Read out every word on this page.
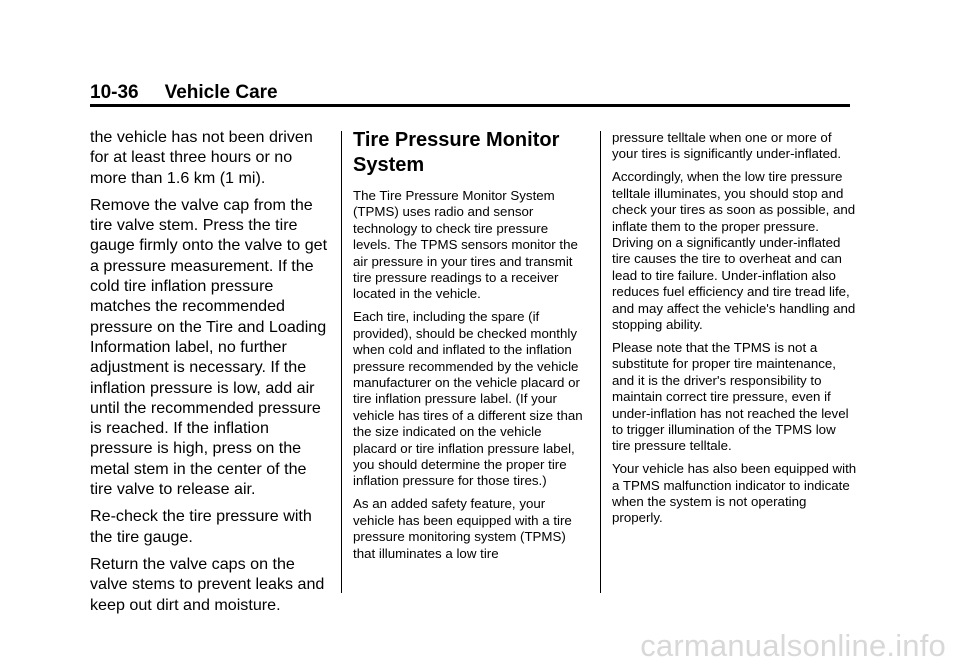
10-36 Vehicle Care

the vehicle has not been driven for at least three hours or no more than 1.6 km (1 mi).

Remove the valve cap from the tire valve stem. Press the tire gauge firmly onto the valve to get a pressure measurement. If the cold tire inflation pressure matches the recommended pressure on the Tire and Loading Information label, no further adjustment is necessary. If the inflation pressure is low, add air until the recommended pressure is reached. If the inflation pressure is high, press on the metal stem in the center of the tire valve to release air.

Re-check the tire pressure with the tire gauge.

Return the valve caps on the valve stems to prevent leaks and keep out dirt and moisture.

Tire Pressure Monitor System

The Tire Pressure Monitor System (TPMS) uses radio and sensor technology to check tire pressure levels. The TPMS sensors monitor the air pressure in your tires and transmit tire pressure readings to a receiver located in the vehicle.

Each tire, including the spare (if provided), should be checked monthly when cold and inflated to the inflation pressure recommended by the vehicle manufacturer on the vehicle placard or tire inflation pressure label. (If your vehicle has tires of a different size than the size indicated on the vehicle placard or tire inflation pressure label, you should determine the proper tire inflation pressure for those tires.)

As an added safety feature, your vehicle has been equipped with a tire pressure monitoring system (TPMS) that illuminates a low tire

pressure telltale when one or more of your tires is significantly under-inflated.

Accordingly, when the low tire pressure telltale illuminates, you should stop and check your tires as soon as possible, and inflate them to the proper pressure. Driving on a significantly under-inflated tire causes the tire to overheat and can lead to tire failure. Under-inflation also reduces fuel efficiency and tire tread life, and may affect the vehicle's handling and stopping ability.

Please note that the TPMS is not a substitute for proper tire maintenance, and it is the driver's responsibility to maintain correct tire pressure, even if under-inflation has not reached the level to trigger illumination of the TPMS low tire pressure telltale.

Your vehicle has also been equipped with a TPMS malfunction indicator to indicate when the system is not operating properly.

carmanualsonline.info
